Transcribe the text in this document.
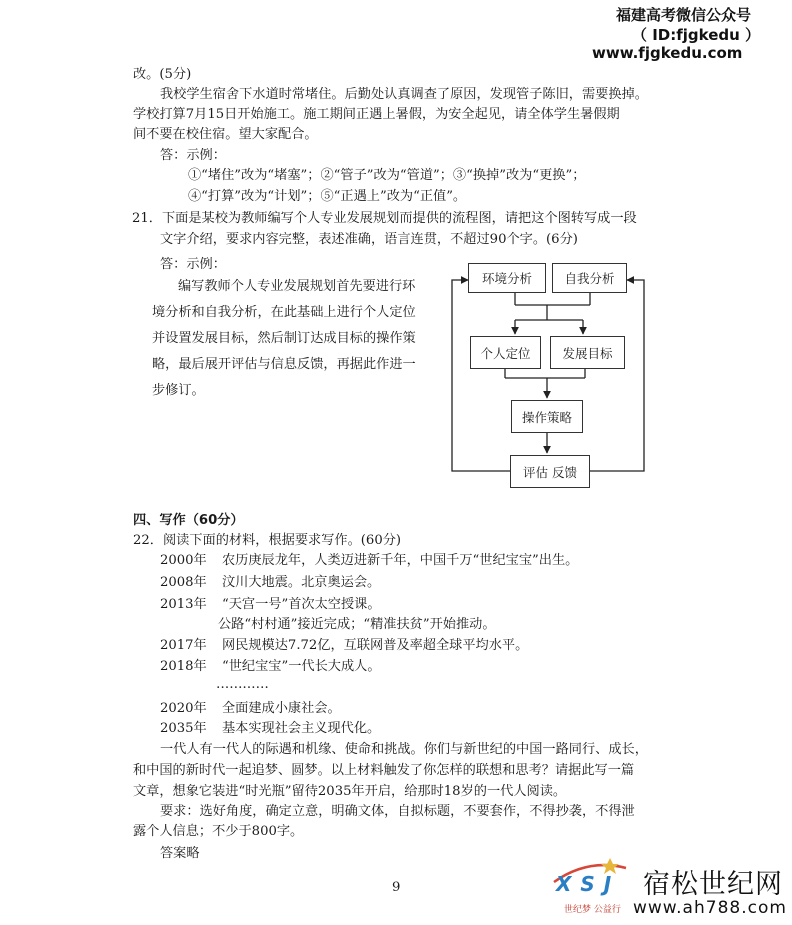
福建高考微信公众号
（ ID:fjgkedu ）
www.fjgkedu.com
改。(5分)
我校学生宿舍下水道时常堵住。后勤处认真调查了原因，发现管子陈旧，需要换掉。
学校打算7月15日开始施工。施工期间正遇上暑假，为安全起见，请全体学生暑假期
间不要在校住宿。望大家配合。
答：示例：
①“堵住”改为“堵塞”；②“管子”改为“管道”；③“换掉”改为“更换”；
④“打算”改为“计划”；⑤“正遇上”改为“正值”。
21．下面是某校为教师编写个人专业发展规划而提供的流程图，请把这个图转写成一段
文字介绍，要求内容完整，表述准确，语言连贯，不超过90个字。(6分)
答：示例：
编写教师个人专业发展规划首先要进行环
境分析和自我分析，在此基础上进行个人定位
并设置发展目标，然后制订达成目标的操作策
略，最后展开评估与信息反馈，再据此作进一
步修订。
环境分析	自我分析
个人定位	发展目标
操作策略
评估 反馈
四、写作（60分）
22．阅读下面的材料，根据要求写作。(60分)
2000年 农历庚辰龙年，人类迈进新千年，中国千万“世纪宝宝”出生。
2008年 汶川大地震。北京奥运会。
2013年 “天宫一号”首次太空授课。
公路“村村通”接近完成；“精准扶贫”开始推动。
2017年 网民规模达7.72亿，互联网普及率超全球平均水平。
2018年 “世纪宝宝”一代长大成人。
…………
2020年 全面建成小康社会。
2035年 基本实现社会主义现代化。
一代人有一代人的际遇和机缘、使命和挑战。你们与新世纪的中国一路同行、成长，
和中国的新时代一起追梦、圆梦。以上材料触发了你怎样的联想和思考？请据此写一篇
文章，想象它装进“时光瓶”留待2035年开启，给那时18岁的一代人阅读。
要求：选好角度，确定立意，明确文体，自拟标题，不要套作，不得抄袭，不得泄
露个人信息；不少于800字。
答案略
9	X S J
世纪梦 公益行
宿松世纪网
www.ah788.com
